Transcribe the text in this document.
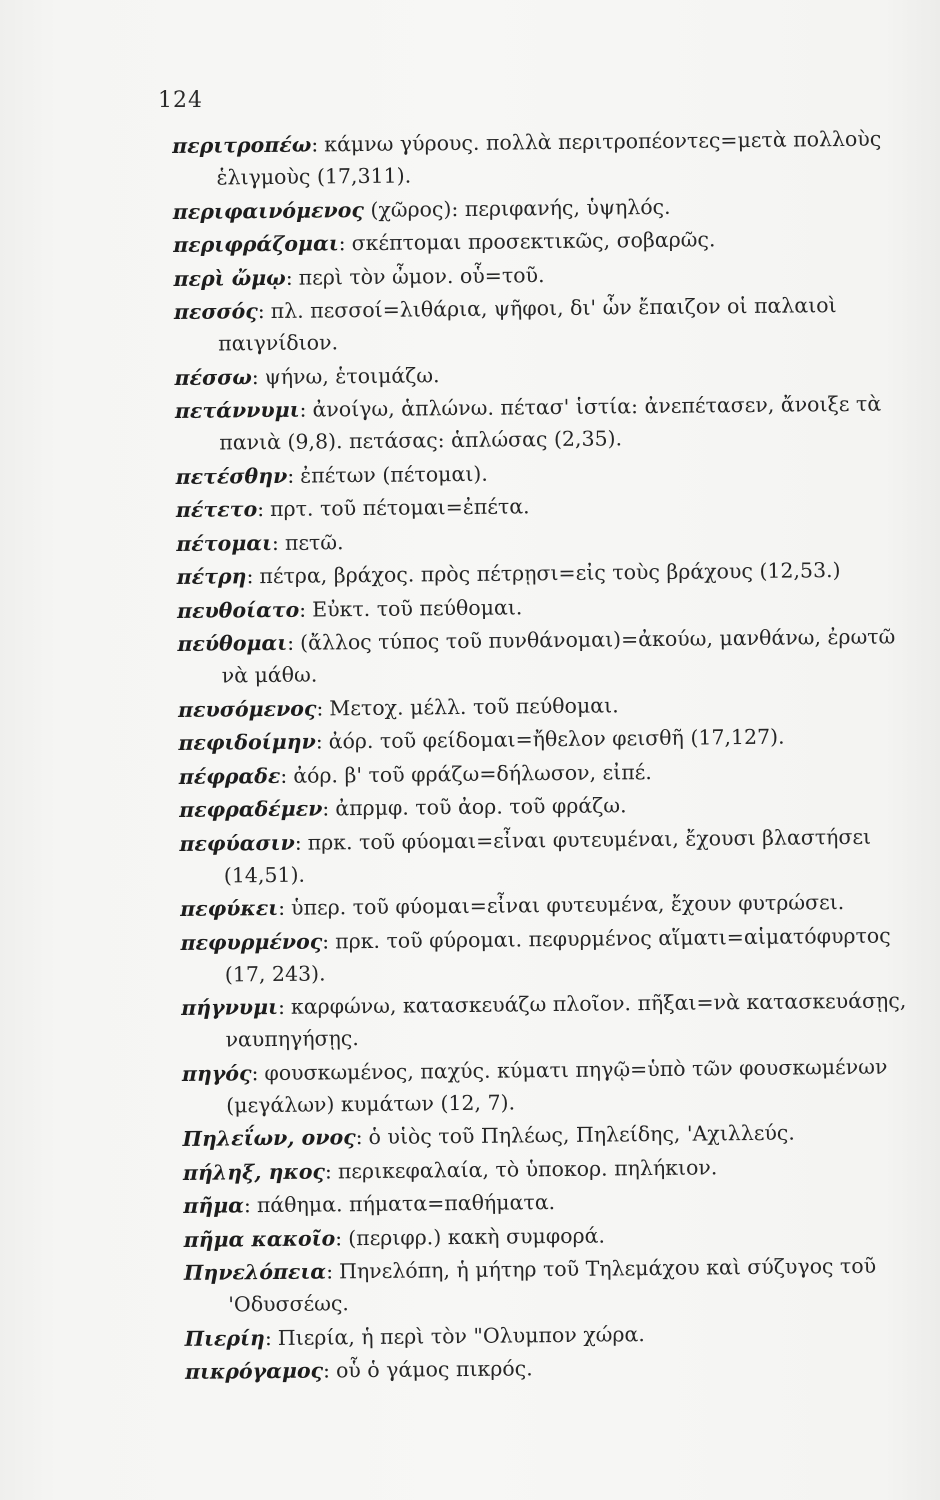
124

περιτροπέω: κάμνω γύρους. πολλὰ περιτροπέοντες=μετὰ πολλοὺς ἑλιγμοὺς (17,311).

περιφαινόμενος (χῶρος): περιφανής, ὑψηλός.

περιφράζομαι: σκέπτομαι προσεκτικῶς, σοβαρῶς.

περὶ ὤμῳ: περὶ τὸν ὦμον. οὗ=τοῦ.

πεσσός: πλ. πεσσοί=λιθάρια, ψῆφοι, δι' ὧν ἔπαιζον οἱ παλαιοὶ παιγνίδιον.

πέσσω: ψήνω, ἑτοιμάζω.

πετάννυμι: ἀνοίγω, ἁπλώνω. πέτασ' ἱστία: ἀνεπέτασεν, ἄνοιξε τὰ πανιὰ (9,8). πετάσας: ἁπλώσας (2,35).

πετέσθην: ἐπέτων (πέτομαι).

πέτετο: πρτ. τοῦ πέτομαι=ἐπέτα.

πέτομαι: πετῶ.

πέτρη: πέτρα, βράχος. πρὸς πέτρῃσι=εἰς τοὺς βράχους (12,53.)

πευθοίατο: Εὐκτ. τοῦ πεύθομαι.

πεύθομαι: (ἄλλος τύπος τοῦ πυνθάνομαι)=ἀκούω, μανθάνω, ἐρωτῶ νὰ μάθω.

πευσόμενος: Μετοχ. μέλλ. τοῦ πεύθομαι.

πεφιδοίμην: ἀόρ. τοῦ φείδομαι=ἤθελον φεισθῆ (17,127).

πέφραδε: ἀόρ. β' τοῦ φράζω=δήλωσον, εἰπέ.

πεφραδέμεν: ἀπρμφ. τοῦ ἀορ. τοῦ φράζω.

πεφύασιν: πρκ. τοῦ φύομαι=εἶναι φυτευμέναι, ἔχουσι βλαστήσει (14,51).

πεφύκει: ὑπερ. τοῦ φύομαι=εἶναι φυτευμένα, ἔχουν φυτρώσει.

πεφυρμένος: πρκ. τοῦ φύρομαι. πεφυρμένος αἵματι=αἱματόφυρτος (17, 243).

πήγνυμι: καρφώνω, κατασκευάζω πλοῖον. πῆξαι=νὰ κατασκευάσῃς, ναυπηγήσῃς.

πηγός: φουσκωμένος, παχύς. κύματι πηγῷ=ὑπὸ τῶν φουσκωμένων (μεγάλων) κυμάτων (12, 7).

Πηλεΐων, ονος: ὁ υἱὸς τοῦ Πηλέως, Πηλείδης, 'Αχιλλεύς.

πήληξ, ηκος: περικεφαλαία, τὸ ὑποκορ. πηλήκιον.

πῆμα: πάθημα. πήματα=παθήματα.

πῆμα κακοῖο: (περιφρ.) κακὴ συμφορά.

Πηνελόπεια: Πηνελόπη, ἡ μήτηρ τοῦ Τηλεμάχου καὶ σύζυγος τοῦ 'Οδυσσέως.

Πιερίη: Πιερία, ἡ περὶ τὸν "Ολυμπον χώρα.

πικρόγαμος: οὗ ὁ γάμος πικρός.
